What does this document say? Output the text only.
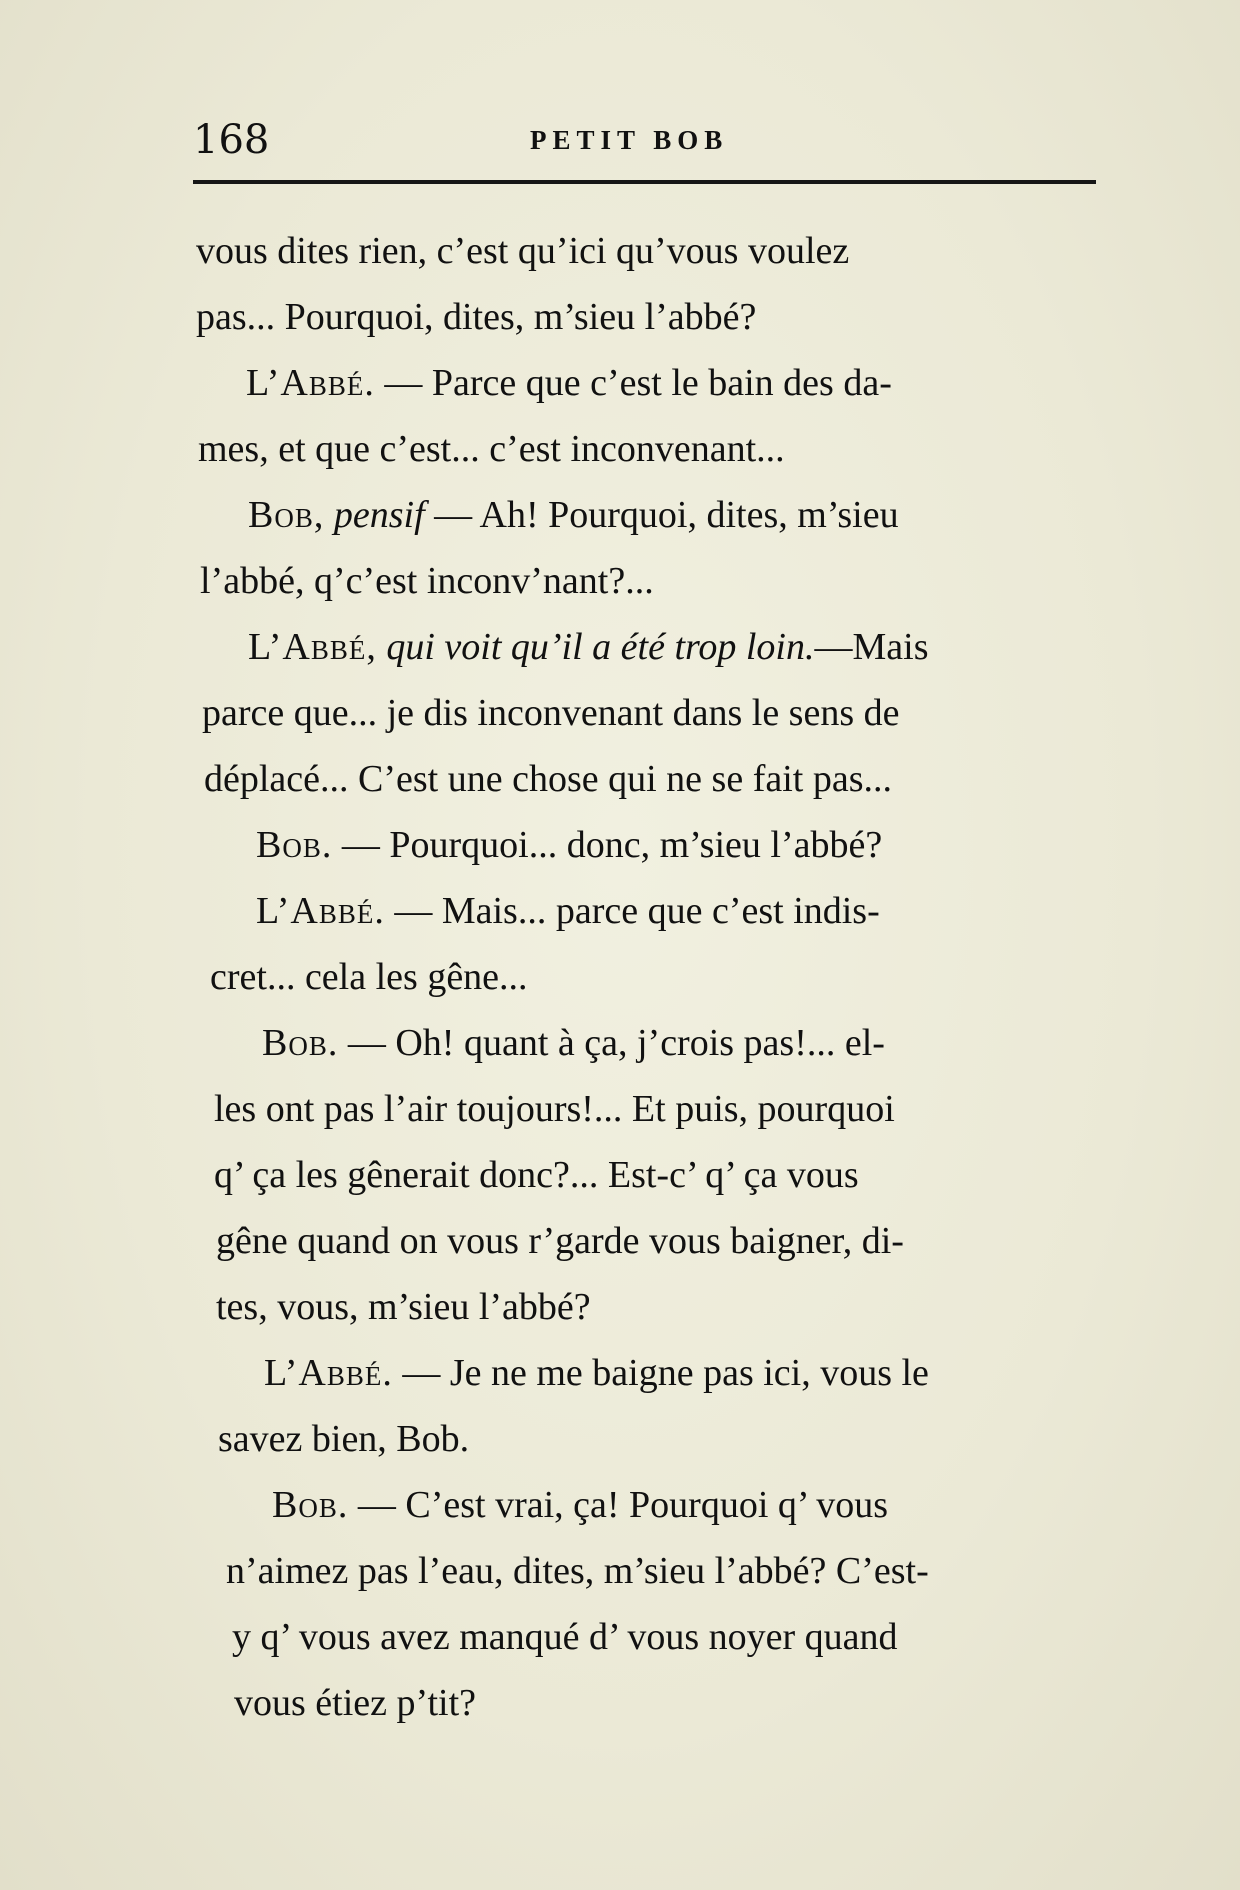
168	PETIT BOB
vous dites rien, c’est qu’ici qu’vous voulez
pas... Pourquoi, dites, m’sieu l’abbé?
L’Abbé. — Parce que c’est le bain des da-
mes, et que c’est... c’est inconvenant...
Bob, pensif — Ah! Pourquoi, dites, m’sieu
l’abbé, q’c’est inconv’nant?...
L’Abbé, qui voit qu’il a été trop loin.—Mais
parce que... je dis inconvenant dans le sens de
déplacé... C’est une chose qui ne se fait pas...
Bob. — Pourquoi... donc, m’sieu l’abbé?
L’Abbé. — Mais... parce que c’est indis-
cret... cela les gêne...
Bob. — Oh! quant à ça, j’crois pas!... el-
les ont pas l’air toujours!... Et puis, pourquoi
q’ ça les gênerait donc?... Est-c’ q’ ça vous
gêne quand on vous r’garde vous baigner, di-
tes, vous, m’sieu l’abbé?
L’Abbé. — Je ne me baigne pas ici, vous le
savez bien, Bob.
Bob. — C’est vrai, ça! Pourquoi q’ vous
n’aimez pas l’eau, dites, m’sieu l’abbé? C’est-
y q’ vous avez manqué d’ vous noyer quand
vous étiez p’tit?
